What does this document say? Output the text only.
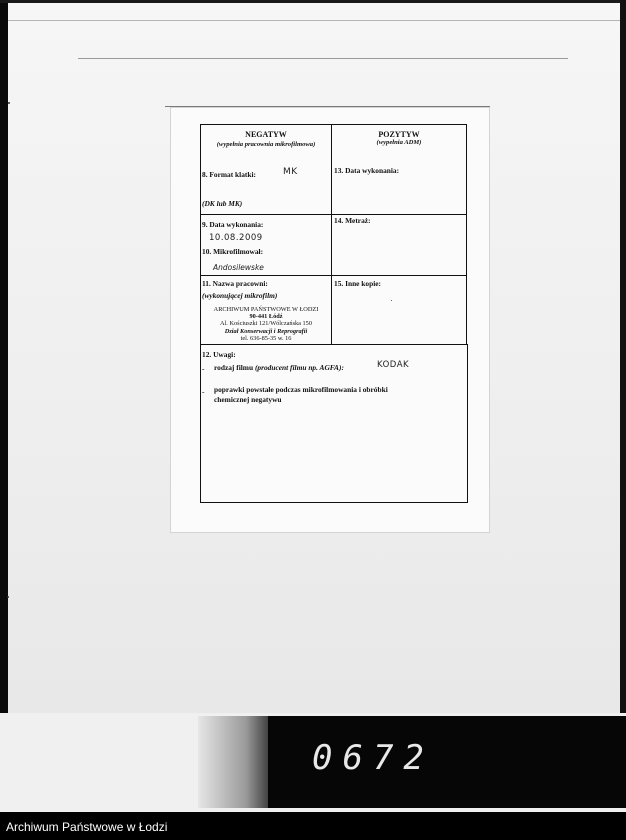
NEGATYW
(wypełnia pracownia mikrofilmowa)
POZYTYW
(wypełnia ADM)
8. Format klatki:	MK
(DK lub MK)
13. Data wykonania:
9. Data wykonania:
10.08.2009
10. Mikrofilmował:
Andosilewske
14. Metraż:
11. Nazwa pracowni:
(wykonującej mikrofilm)
ARCHIWUM PAŃSTWOWE W ŁODZI
90-441 Łódź
Al. Kościuszki 121/Wólczańska 150
Dział Konserwacji i Reprografii
tel. 636-85-35 w. 16
15. Inne kopie:
12. Uwagi:
- rodzaj filmu (producent filmu np. AGFA):	KODAK
- poprawki powstałe podczas mikrofilmowania i obróbki
chemicznej negatywu
0672
Archiwum Państwowe w Łodzi
